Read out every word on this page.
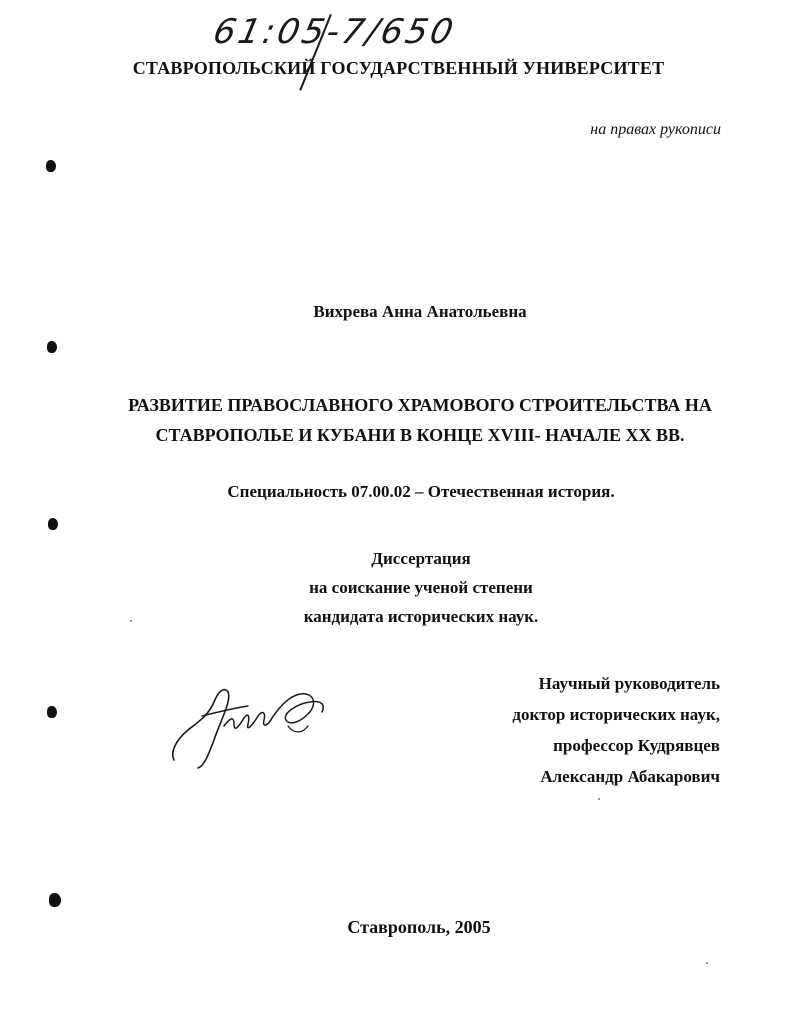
61:05-7/650
СТАВРОПОЛЬСКИЙ ГОСУДАРСТВЕННЫЙ УНИВЕРСИТЕТ
на правах рукописи
Вихрева Анна Анатольевна
РАЗВИТИЕ ПРАВОСЛАВНОГО ХРАМОВОГО СТРОИТЕЛЬСТВА НА
СТАВРОПОЛЬЕ И КУБАНИ В КОНЦЕ XVIII- НАЧАЛЕ XX ВВ.
Специальность 07.00.02 – Отечественная история.
Диссертация
на соискание ученой степени
кандидата исторических наук.
Научный руководитель
доктор исторических наук,
профессор Кудрявцев
Александр Абакарович
Ставрополь, 2005
